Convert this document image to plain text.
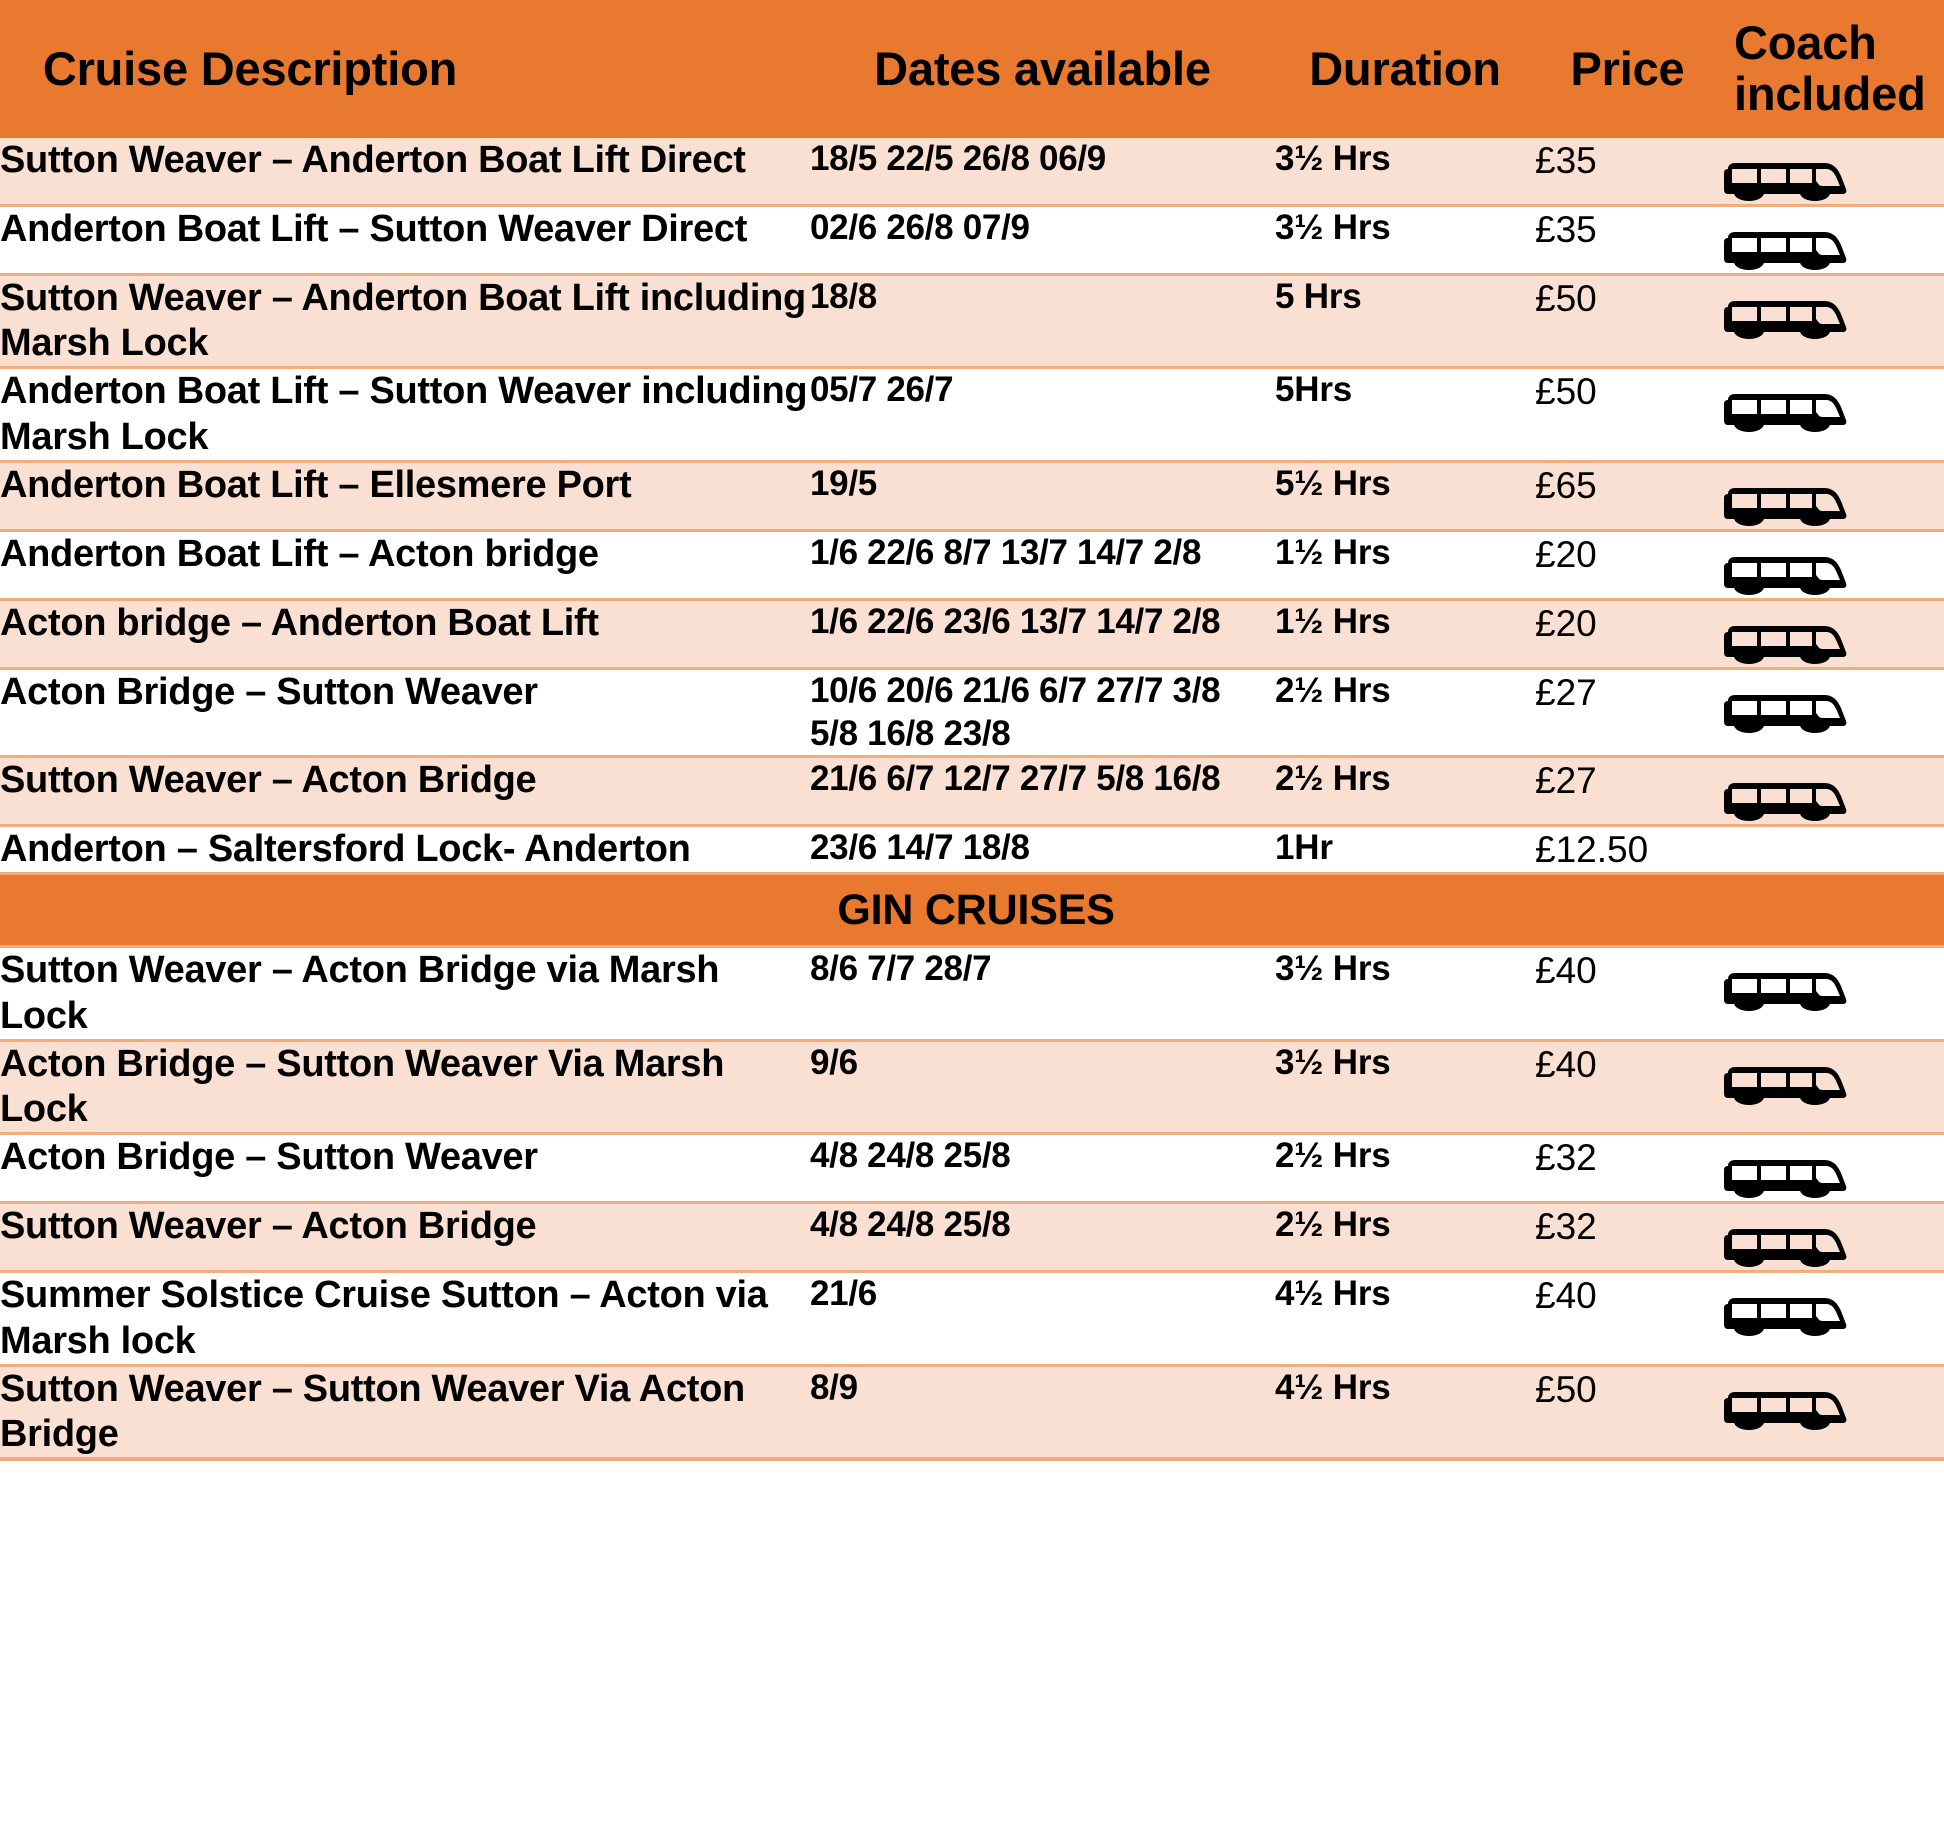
Cruise Description	Dates available	Duration	Price	Coach included
Sutton Weaver – Anderton Boat Lift Direct	18/5 22/5 26/8 06/9	3½ Hrs	£35	

Anderton Boat Lift – Sutton Weaver Direct	02/6 26/8 07/9	3½ Hrs	£35	

Sutton Weaver – Anderton Boat Lift including Marsh Lock	18/8	5 Hrs	£50	

Anderton Boat Lift – Sutton Weaver including Marsh Lock	05/7 26/7	5Hrs	£50	

Anderton Boat Lift – Ellesmere Port	19/5	5½ Hrs	£65	

Anderton Boat Lift – Acton bridge	1/6 22/6 8/7 13/7 14/7 2/8	1½ Hrs	£20	

Acton bridge – Anderton Boat Lift	1/6 22/6 23/6 13/7 14/7 2/8	1½ Hrs	£20	

Acton Bridge – Sutton Weaver	10/6 20/6 21/6 6/7 27/7 3/8 5/8 16/8 23/8	2½ Hrs	£27	

Sutton Weaver – Acton Bridge	21/6 6/7 12/7 27/7 5/8 16/8	2½ Hrs	£27	

Anderton – Saltersford Lock- Anderton	23/6 14/7 18/8	1Hr	£12.50	

GIN CRUISES				

Sutton Weaver – Acton Bridge via Marsh Lock	8/6 7/7 28/7	3½ Hrs	£40	

Acton Bridge – Sutton Weaver Via Marsh Lock	9/6	3½ Hrs	£40	

Acton Bridge – Sutton Weaver	4/8 24/8 25/8	2½ Hrs	£32	

Sutton Weaver – Acton Bridge	4/8 24/8 25/8	2½ Hrs	£32	

Summer Solstice Cruise Sutton – Acton via Marsh lock	21/6	4½ Hrs	£40	

Sutton Weaver – Sutton Weaver Via Acton Bridge	8/9	4½ Hrs	£50	
